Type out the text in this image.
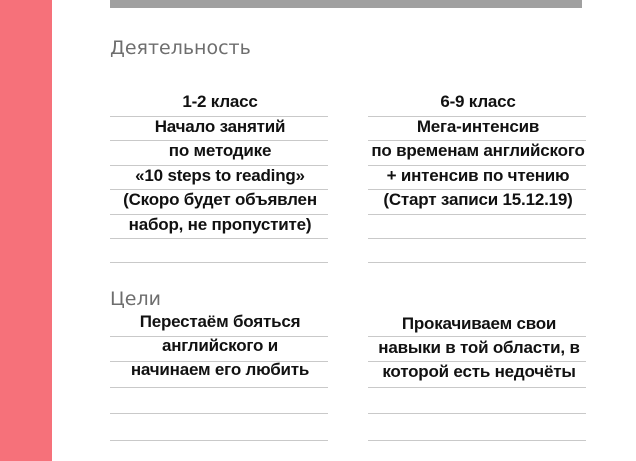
Деятельность
1-2 класс
Начало занятий
по методике
«10 steps to reading»
(Скоро будет объявлен
набор, не пропустите)
6-9 класс
Мега-интенсив
по временам английского
+ интенсив по чтению
(Старт записи 15.12.19)
Цели
Перестаём бояться
английского и
начинаем его любить
Прокачиваем свои
навыки в той области, в
которой есть недочёты
